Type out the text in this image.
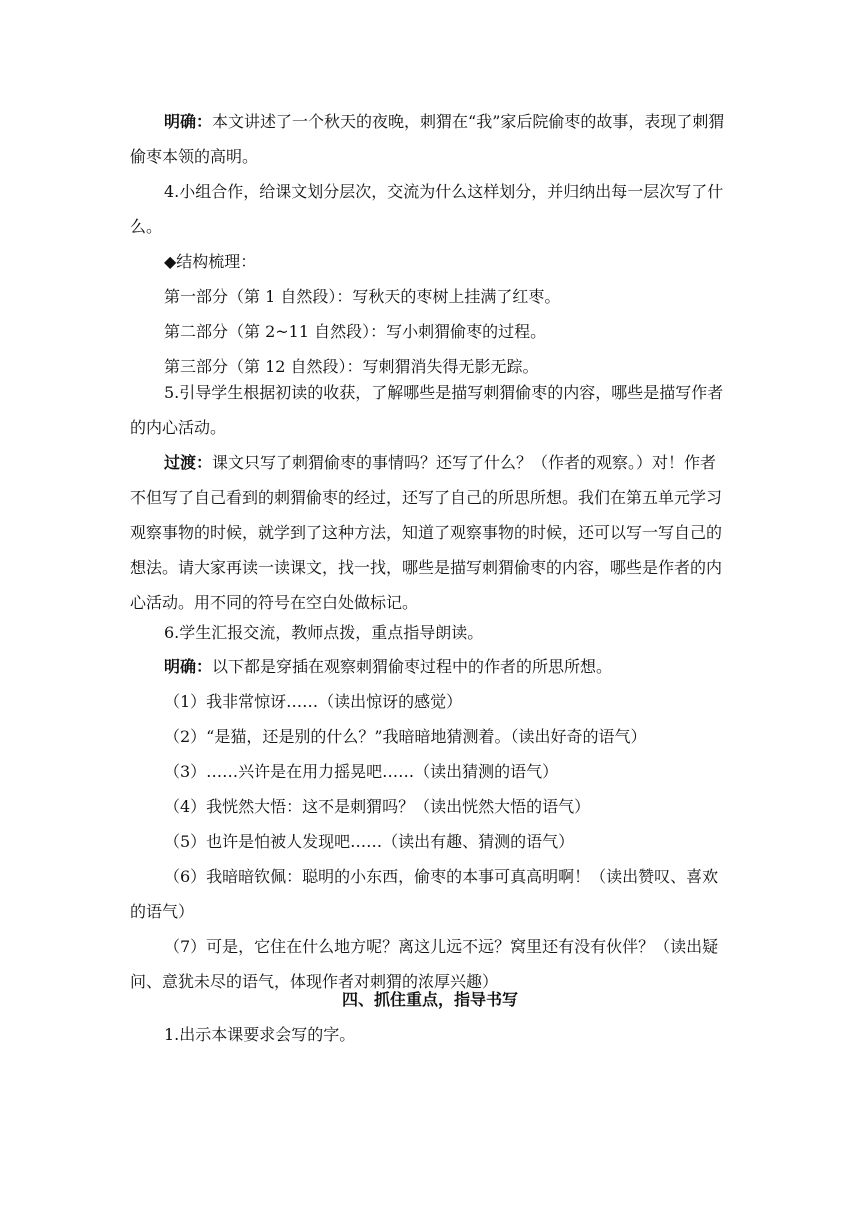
明确：本文讲述了一个秋天的夜晚，刺猬在“我”家后院偷枣的故事，表现了刺猬偷枣本领的高明。

4.小组合作，给课文划分层次，交流为什么这样划分，并归纳出每一层次写了什么。

◆结构梳理：

第一部分（第 1 自然段）：写秋天的枣树上挂满了红枣。

第二部分（第 2~11 自然段）：写小刺猬偷枣的过程。

第三部分（第 12 自然段）：写刺猬消失得无影无踪。

5.引导学生根据初读的收获，了解哪些是描写刺猬偷枣的内容，哪些是描写作者的内心活动。

过渡：课文只写了刺猬偷枣的事情吗？还写了什么？（作者的观察。）对！作者不但写了自己看到的刺猬偷枣的经过，还写了自己的所思所想。我们在第五单元学习观察事物的时候，就学到了这种方法，知道了观察事物的时候，还可以写一写自己的想法。请大家再读一读课文，找一找，哪些是描写刺猬偷枣的内容，哪些是作者的内心活动。用不同的符号在空白处做标记。

6.学生汇报交流，教师点拨，重点指导朗读。

明确：以下都是穿插在观察刺猬偷枣过程中的作者的所思所想。

（1）我非常惊讶……（读出惊讶的感觉）

（2）“是猫，还是别的什么？”我暗暗地猜测着。（读出好奇的语气）

（3）……兴许是在用力摇晃吧……（读出猜测的语气）

（4）我恍然大悟：这不是刺猬吗？（读出恍然大悟的语气）

（5）也许是怕被人发现吧……（读出有趣、猜测的语气）

（6）我暗暗钦佩：聪明的小东西，偷枣的本事可真高明啊！（读出赞叹、喜欢的语气）

（7）可是，它住在什么地方呢？离这儿远不远？窝里还有没有伙伴？（读出疑问、意犹未尽的语气，体现作者对刺猬的浓厚兴趣）

四、抓住重点，指导书写

1.出示本课要求会写的字。
